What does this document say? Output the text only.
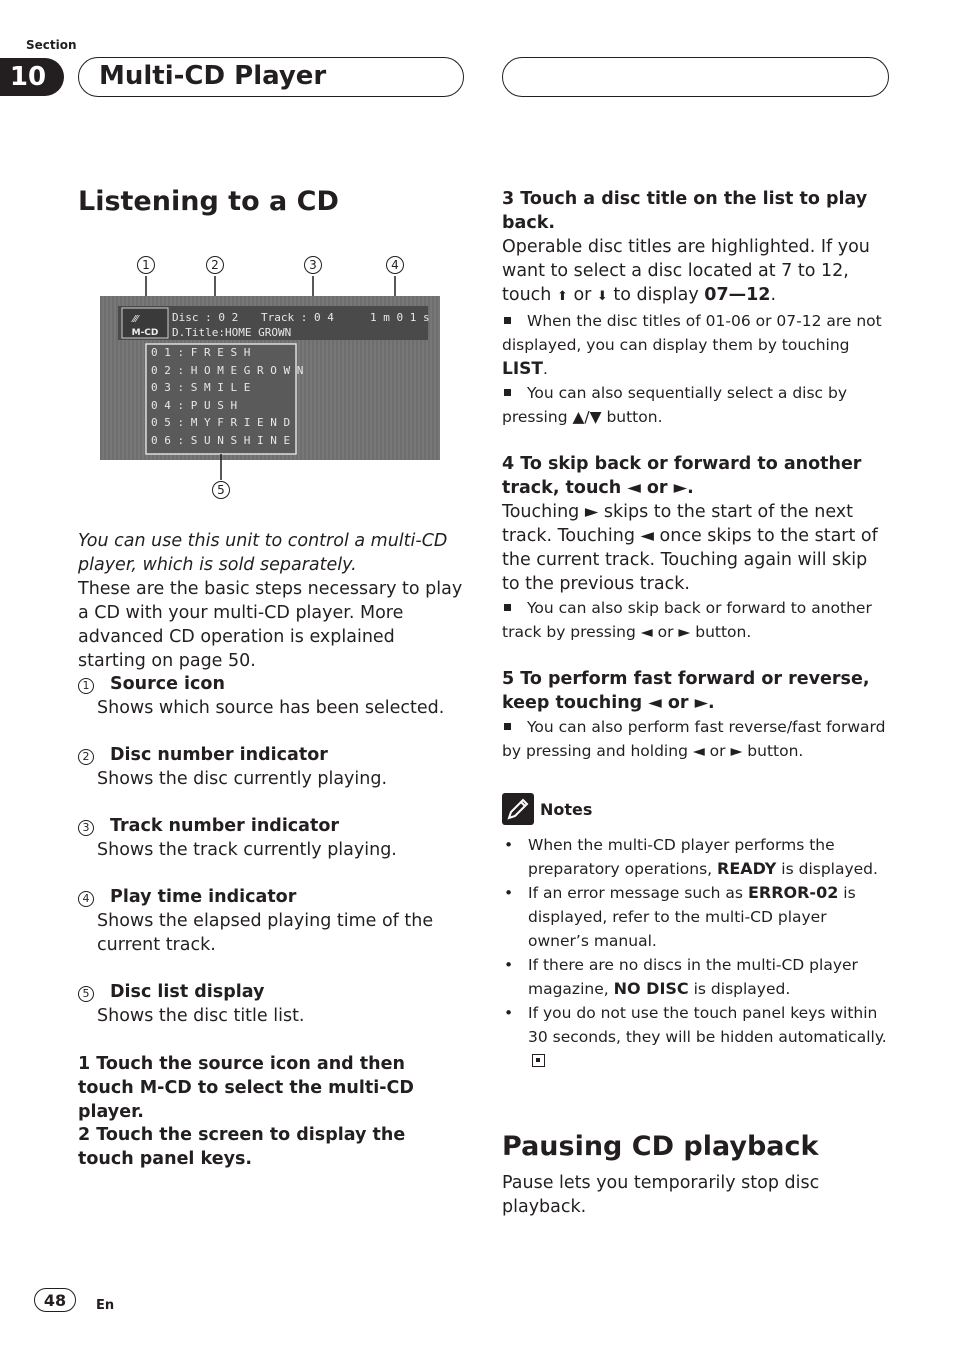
Section
10	Multi-CD Player
Listening to a CD
1	2	3	4
5
M-CD
⁄⁄⁄	Disc : 0 2 Track : 0 4	1 m 0 1 s
D.Title:HOME GROWN
0 1 : F R E S H
0 2 : H O M E G R O W N
0 3 : S M I L E
0 4 : P U S H
0 5 : M Y F R I E N D
0 6 : S U N S H I N E
You can use this unit to control a multi-CD player, which is sold separately.
These are the basic steps necessary to play a CD with your multi-CD player. More advanced CD operation is explained starting on page 50.
1 Source icon
Shows which source has been selected.
2 Disc number indicator
Shows the disc currently playing.
3 Track number indicator
Shows the track currently playing.
4 Play time indicator
Shows the elapsed playing time of the current track.
5 Disc list display
Shows the disc title list.
1 Touch the source icon and then touch M-CD to select the multi-CD player.
2 Touch the screen to display the touch panel keys.
3 Touch a disc title on the list to play back.
Operable disc titles are highlighted. If you want to select a disc located at 7 to 12, touch ⬆︎ or ⬇︎ to display 07—12.
When the disc titles of 01-06 or 07-12 are not displayed, you can display them by touching LIST.
You can also sequentially select a disc by pressing ▲/▼ button.
4 To skip back or forward to another track, touch ◄ or ►.
Touching ► skips to the start of the next track. Touching ◄ once skips to the start of the current track. Touching again will skip to the previous track.
You can also skip back or forward to another track by pressing ◄ or ► button.
5 To perform fast forward or reverse, keep touching ◄ or ►.
You can also perform fast reverse/fast forward by pressing and holding ◄ or ► button.
Notes
• When the multi-CD player performs the preparatory operations, READY is displayed.
• If an error message such as ERROR-02 is displayed, refer to the multi-CD player owner’s manual.
• If there are no discs in the multi-CD player magazine, NO DISC is displayed.
• If you do not use the touch panel keys within 30 seconds, they will be hidden automatically.
Pausing CD playback
Pause lets you temporarily stop disc playback.
48	En
